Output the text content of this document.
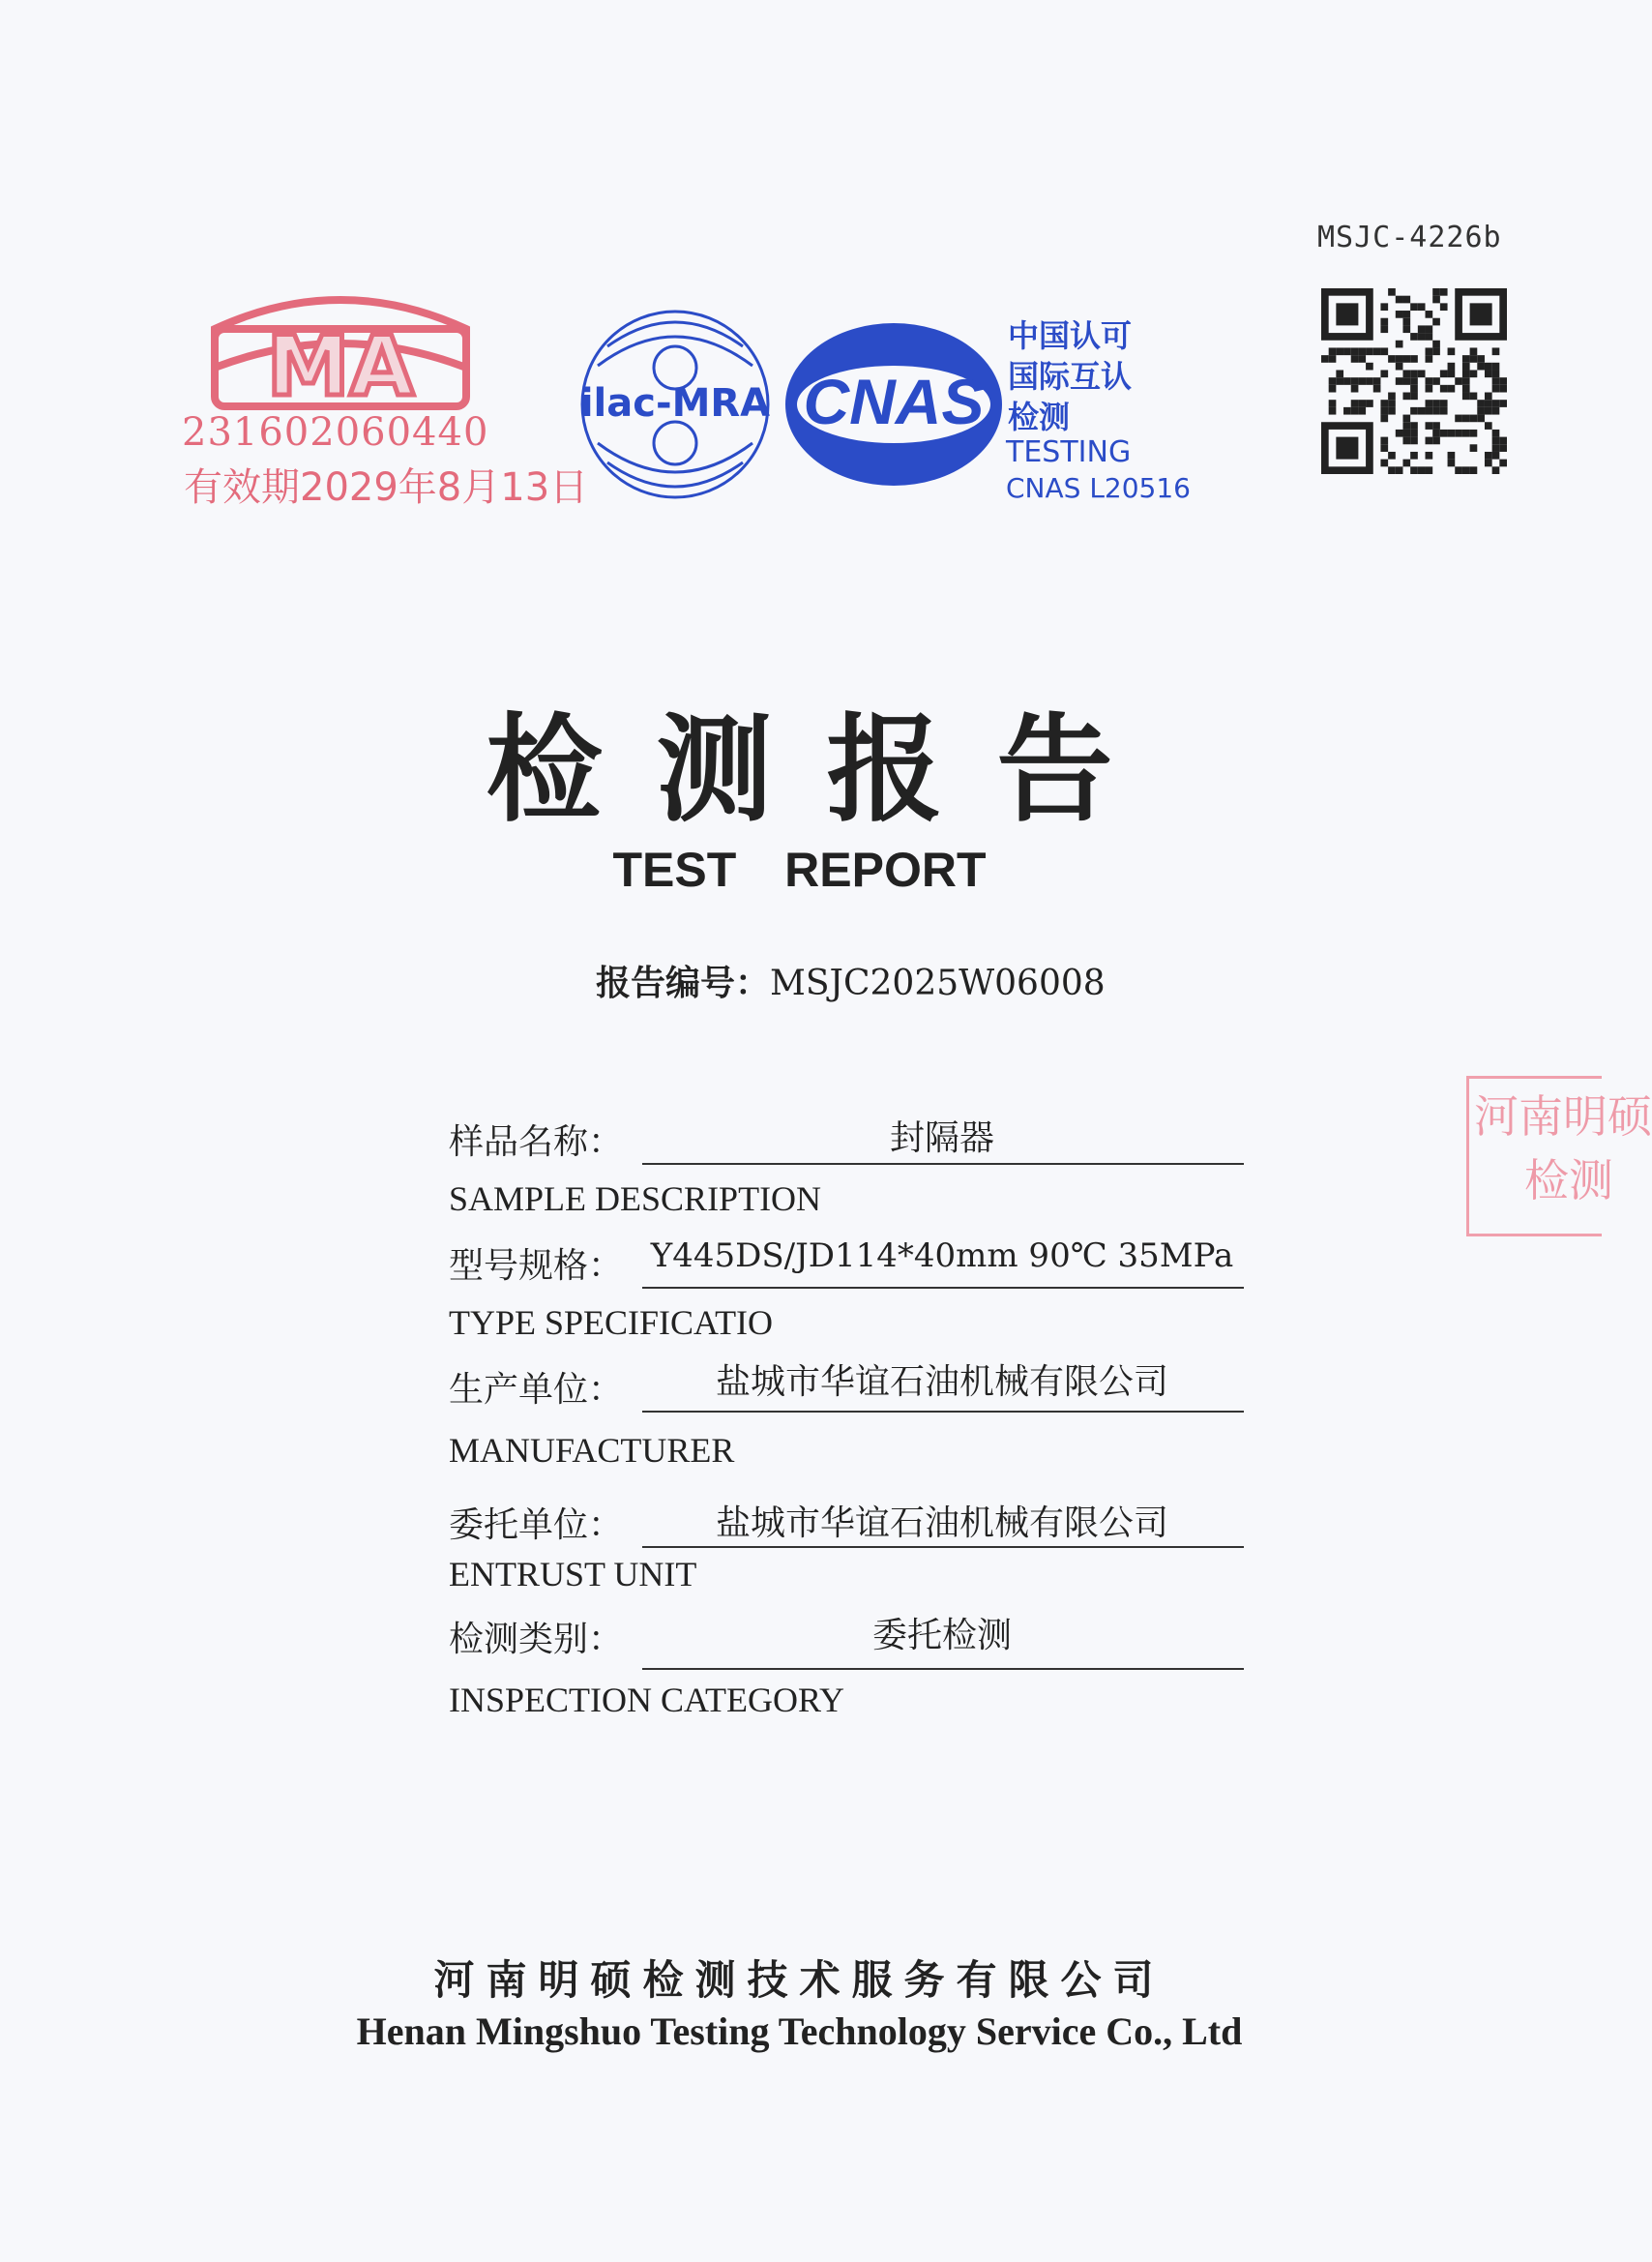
MSJC-4226b
MA
231602060440
有效期2029年8月13日
ilac-MRA CNAS
中国认可
国际互认
检测
TESTING
CNAS L20516
检测报告
TEST REPORT
报告编号：MSJC2025W06008
样品名称：	封隔器
SAMPLE DESCRIPTION
型号规格： Y445DS/JD114*40mm 90℃ 35MPa
TYPE SPECIFICATIO
生产单位：	盐城市华谊石油机械有限公司
MANUFACTURER
委托单位：	盐城市华谊石油机械有限公司
ENTRUST UNIT
检测类别：	委托检测
INSPECTION CATEGORY
河南明硕检测技术服务有限公司
Henan Mingshuo Testing Technology Service Co., Ltd
河南明硕
检测
